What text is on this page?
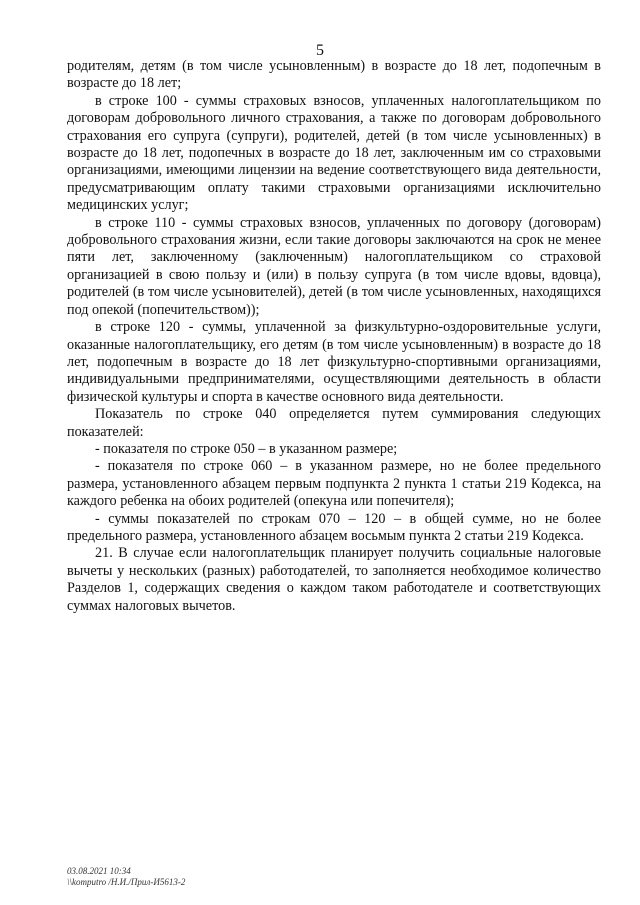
5

родителям, детям (в том числе усыновленным) в возрасте до 18 лет, подопечным в возрасте до 18 лет;

в строке 100 - суммы страховых взносов, уплаченных налогоплательщиком по договорам добровольного личного страхования, а также по договорам добровольного страхования его супруга (супруги), родителей, детей (в том числе усыновленных) в возрасте до 18 лет, подопечных в возрасте до 18 лет, заключенным им со страховыми организациями, имеющими лицензии на ведение соответствующего вида деятельности, предусматривающим оплату такими страховыми организациями исключительно медицинских услуг;

в строке 110 - суммы страховых взносов, уплаченных по договору (договорам) добровольного страхования жизни, если такие договоры заключаются на срок не менее пяти лет, заключенному (заключенным) налогоплательщиком со страховой организацией в свою пользу и (или) в пользу супруга (в том числе вдовы, вдовца), родителей (в том числе усыновителей), детей (в том числе усыновленных, находящихся под опекой (попечительством));

в строке 120 - суммы, уплаченной за физкультурно-оздоровительные услуги, оказанные налогоплательщику, его детям (в том числе усыновленным) в возрасте до 18 лет, подопечным в возрасте до 18 лет физкультурно-спортивными организациями, индивидуальными предпринимателями, осуществляющими деятельность в области физической культуры и спорта в качестве основного вида деятельности.

Показатель по строке 040 определяется путем суммирования следующих показателей:

- показателя по строке 050 – в указанном размере;

- показателя по строке 060 – в указанном размере, но не более предельного размера, установленного абзацем первым подпункта 2 пункта 1 статьи 219 Кодекса, на каждого ребенка на обоих родителей (опекуна или попечителя);

- суммы показателей по строкам 070 – 120 – в общей сумме, но не более предельного размера, установленного абзацем восьмым пункта 2 статьи 219 Кодекса.

21. В случае если налогоплательщик планирует получить социальные налоговые вычеты у нескольких (разных) работодателей, то заполняется необходимое количество Разделов 1, содержащих сведения о каждом таком работодателе и соответствующих суммах налоговых вычетов.

03.08.2021 10:34
\\komputro /Н.И./Прил-И5613-2
